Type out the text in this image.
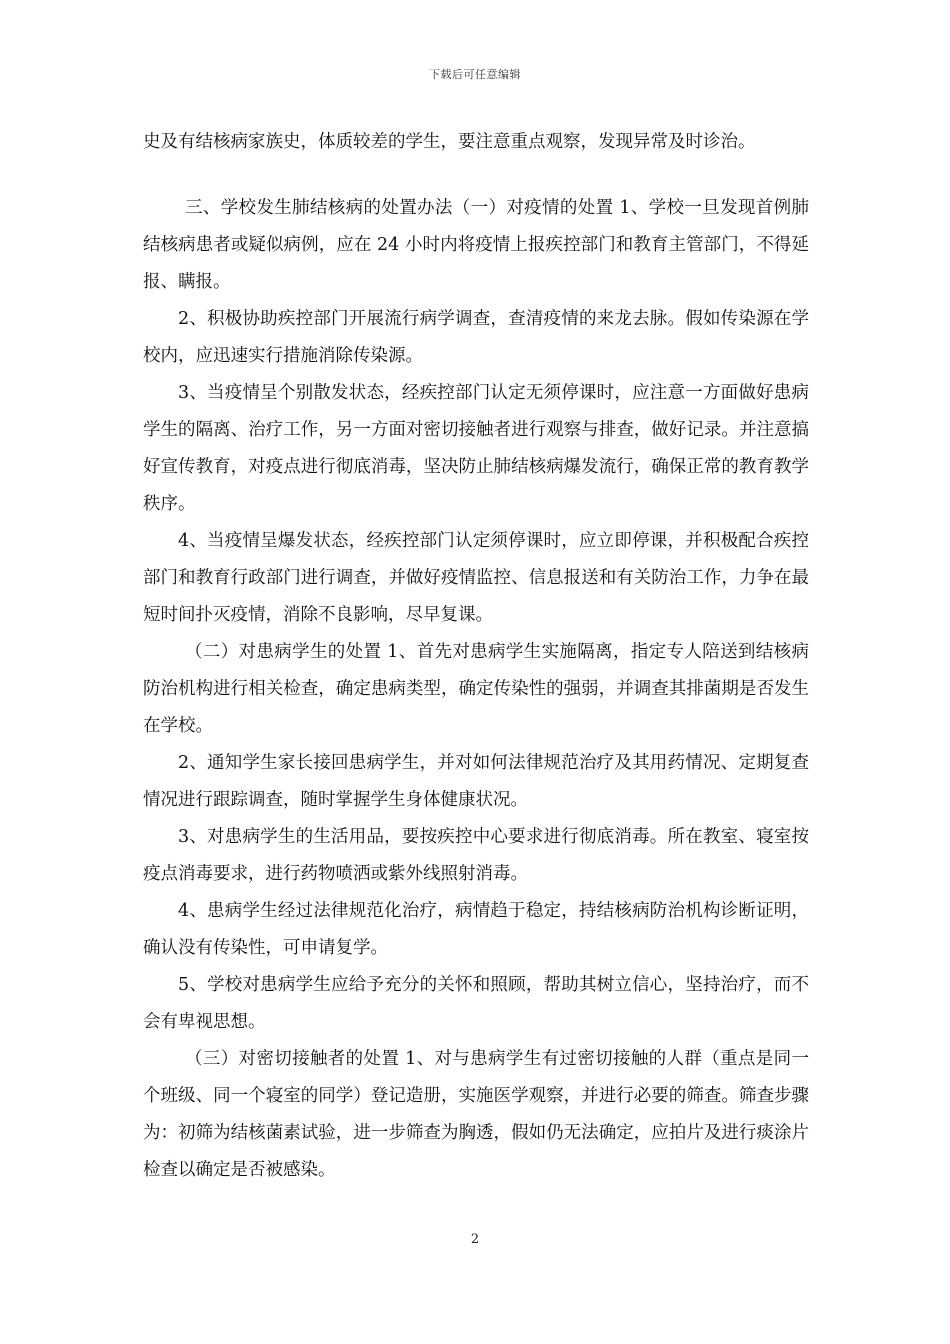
下载后可任意编辑

史及有结核病家族史，体质较差的学生，要注意重点观察，发现异常及时诊治。

三、学校发生肺结核病的处置办法（一）对疫情的处置 1、学校一旦发现首例肺结核病患者或疑似病例，应在 24 小时内将疫情上报疾控部门和教育主管部门，不得延报、瞒报。

2、积极协助疾控部门开展流行病学调查，查清疫情的来龙去脉。假如传染源在学校内，应迅速实行措施消除传染源。

3、当疫情呈个别散发状态，经疾控部门认定无须停课时，应注意一方面做好患病学生的隔离、治疗工作，另一方面对密切接触者进行观察与排查，做好记录。并注意搞好宣传教育，对疫点进行彻底消毒，坚决防止肺结核病爆发流行，确保正常的教育教学秩序。

4、当疫情呈爆发状态，经疾控部门认定须停课时，应立即停课，并积极配合疾控部门和教育行政部门进行调查，并做好疫情监控、信息报送和有关防治工作，力争在最短时间扑灭疫情，消除不良影响，尽早复课。

（二）对患病学生的处置 1、首先对患病学生实施隔离，指定专人陪送到结核病防治机构进行相关检查，确定患病类型，确定传染性的强弱，并调查其排菌期是否发生在学校。

2、通知学生家长接回患病学生，并对如何法律规范治疗及其用药情况、定期复查情况进行跟踪调查，随时掌握学生身体健康状况。

3、对患病学生的生活用品，要按疾控中心要求进行彻底消毒。所在教室、寝室按疫点消毒要求，进行药物喷洒或紫外线照射消毒。

4、患病学生经过法律规范化治疗，病情趋于稳定，持结核病防治机构诊断证明，确认没有传染性，可申请复学。

5、学校对患病学生应给予充分的关怀和照顾，帮助其树立信心，坚持治疗，而不会有卑视思想。

（三）对密切接触者的处置 1、对与患病学生有过密切接触的人群（重点是同一个班级、同一个寝室的同学）登记造册，实施医学观察，并进行必要的筛查。筛查步骤为：初筛为结核菌素试验，进一步筛查为胸透，假如仍无法确定，应拍片及进行痰涂片检查以确定是否被感染。

2
